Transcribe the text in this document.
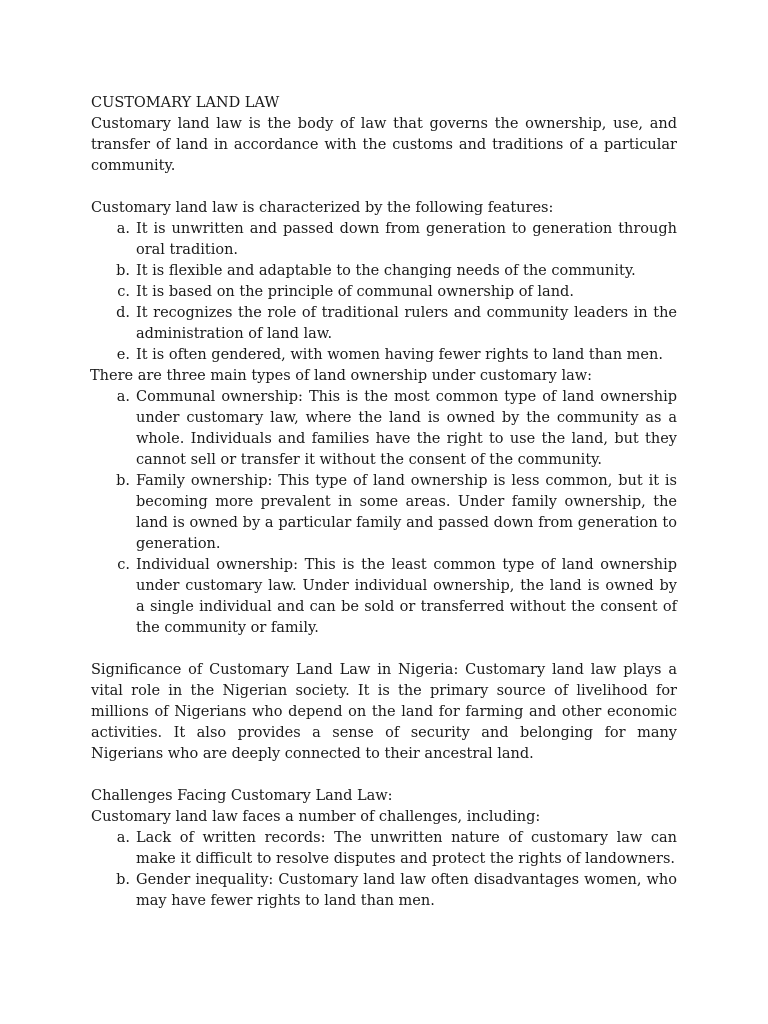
CUSTOMARY LAND LAW

Customary land law is the body of law that governs the ownership, use, and transfer of land in accordance with the customs and traditions of a particular community.

Customary land law is characterized by the following features:

a. It is unwritten and passed down from generation to generation through oral tradition.
b. It is flexible and adaptable to the changing needs of the community.
c. It is based on the principle of communal ownership of land.
d. It recognizes the role of traditional rulers and community leaders in the administration of land law.
e. It is often gendered, with women having fewer rights to land than men.

There are three main types of land ownership under customary law:

a. Communal ownership: This is the most common type of land ownership under customary law, where the land is owned by the community as a whole. Individuals and families have the right to use the land, but they cannot sell or transfer it without the consent of the community.
b. Family ownership: This type of land ownership is less common, but it is becoming more prevalent in some areas. Under family ownership, the land is owned by a particular family and passed down from generation to generation.
c. Individual ownership: This is the least common type of land ownership under customary law. Under individual ownership, the land is owned by a single individual and can be sold or transferred without the consent of the community or family.

Significance of Customary Land Law in Nigeria: Customary land law plays a vital role in the Nigerian society. It is the primary source of livelihood for millions of Nigerians who depend on the land for farming and other economic activities. It also provides a sense of security and belonging for many Nigerians who are deeply connected to their ancestral land.

Challenges Facing Customary Land Law:

Customary land law faces a number of challenges, including:

a. Lack of written records: The unwritten nature of customary law can make it difficult to resolve disputes and protect the rights of landowners.
b. Gender inequality: Customary land law often disadvantages women, who may have fewer rights to land than men.
